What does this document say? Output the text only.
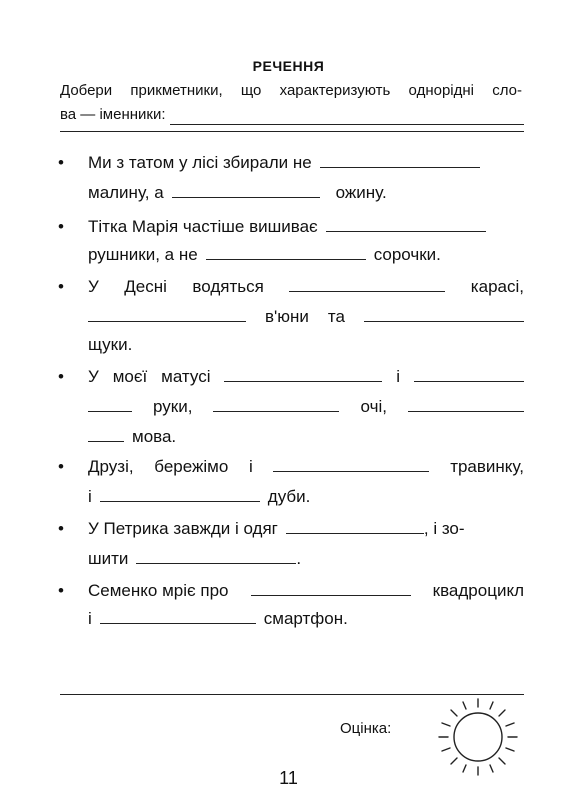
РЕЧЕННЯ
Добери прикметники, що характеризують однорідні сло-
ва — іменники:
• Ми з татом у лісі збирали не
малину, а	ожину.
• Тітка Марія частіше вишиває
рушники, а не	сорочки.
• У Десні водяться	карасі,
в'юни та
щуки.
• У моєї матусі	і
руки,	очі,
мова.
• Друзі, бережімо і	травинку,
і	дуби.
• У Петрика завжди і одяг	, і зо-
шити	.
• Семенко мріє про	квадроцикл
і	смартфон.
Оцінка:
11
